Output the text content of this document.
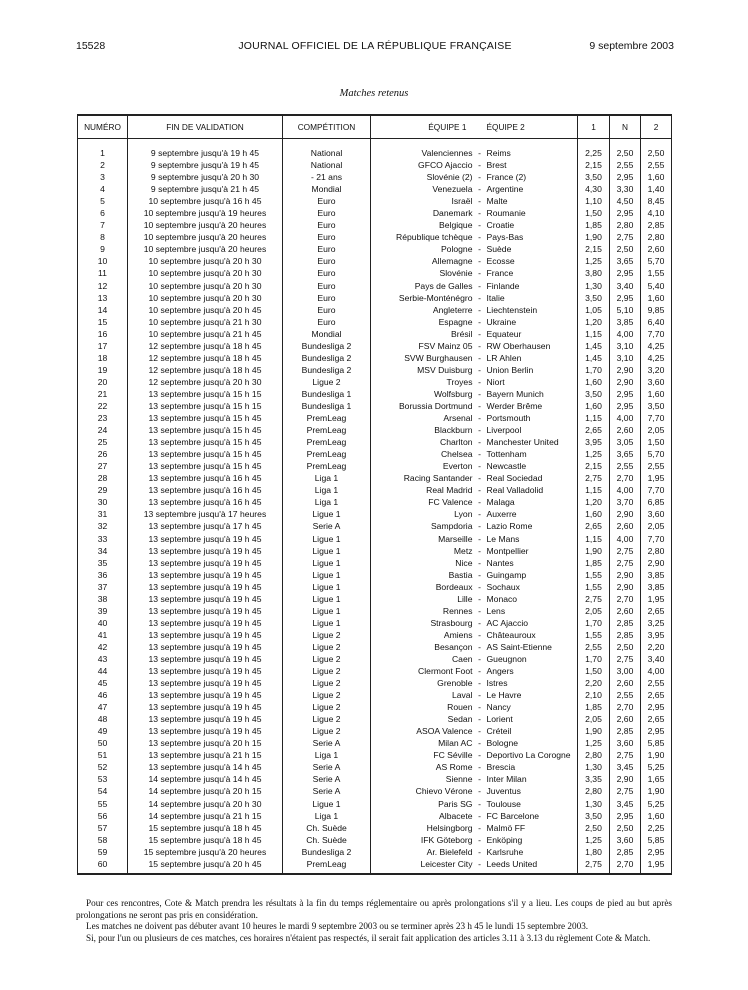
15528	JOURNAL OFFICIEL DE LA RÉPUBLIQUE FRANÇAISE	9 septembre 2003
Matches retenus
NUMÉRO	FIN DE VALIDATION	COMPÉTITION	ÉQUIPE 1		ÉQUIPE 2	1	N	2
1	9 septembre jusqu'à 19 h 45	National	Valenciennes	-	Reims	2,25	2,50	2,50
2	9 septembre jusqu'à 19 h 45	National	GFCO Ajaccio	-	Brest	2,15	2,55	2,55
3	9 septembre jusqu'à 20 h 30	- 21 ans	Slovénie (2)	-	France (2)	3,50	2,95	1,60
4	9 septembre jusqu'à 21 h 45	Mondial	Venezuela	-	Argentine	4,30	3,30	1,40
5	10 septembre jusqu'à 16 h 45	Euro	Israël	-	Malte	1,10	4,50	8,45
6	10 septembre jusqu'à 19 heures	Euro	Danemark	-	Roumanie	1,50	2,95	4,10
7	10 septembre jusqu'à 20 heures	Euro	Belgique	-	Croatie	1,85	2,80	2,85
8	10 septembre jusqu'à 20 heures	Euro	République tchèque	-	Pays-Bas	1,90	2,75	2,80
9	10 septembre jusqu'à 20 heures	Euro	Pologne	-	Suède	2,15	2,50	2,60
10	10 septembre jusqu'à 20 h 30	Euro	Allemagne	-	Ecosse	1,25	3,65	5,70
11	10 septembre jusqu'à 20 h 30	Euro	Slovénie	-	France	3,80	2,95	1,55
12	10 septembre jusqu'à 20 h 30	Euro	Pays de Galles	-	Finlande	1,30	3,40	5,40
13	10 septembre jusqu'à 20 h 30	Euro	Serbie-Monténégro	-	Italie	3,50	2,95	1,60
14	10 septembre jusqu'à 20 h 45	Euro	Angleterre	-	Liechtenstein	1,05	5,10	9,85
15	10 septembre jusqu'à 21 h 30	Euro	Espagne	-	Ukraine	1,20	3,85	6,40
16	10 septembre jusqu'à 21 h 45	Mondial	Brésil	-	Equateur	1,15	4,00	7,70
17	12 septembre jusqu'à 18 h 45	Bundesliga 2	FSV Mainz 05	-	RW Oberhausen	1,45	3,10	4,25
18	12 septembre jusqu'à 18 h 45	Bundesliga 2	SVW Burghausen	-	LR Ahlen	1,45	3,10	4,25
19	12 septembre jusqu'à 18 h 45	Bundesliga 2	MSV Duisburg	-	Union Berlin	1,70	2,90	3,20
20	12 septembre jusqu'à 20 h 30	Ligue 2	Troyes	-	Niort	1,60	2,90	3,60
21	13 septembre jusqu'à 15 h 15	Bundesliga 1	Wolfsburg	-	Bayern Munich	3,50	2,95	1,60
22	13 septembre jusqu'à 15 h 15	Bundesliga 1	Borussia Dortmund	-	Werder Brême	1,60	2,95	3,50
23	13 septembre jusqu'à 15 h 45	PremLeag	Arsenal	-	Portsmouth	1,15	4,00	7,70
24	13 septembre jusqu'à 15 h 45	PremLeag	Blackburn	-	Liverpool	2,65	2,60	2,05
25	13 septembre jusqu'à 15 h 45	PremLeag	Charlton	-	Manchester United	3,95	3,05	1,50
26	13 septembre jusqu'à 15 h 45	PremLeag	Chelsea	-	Tottenham	1,25	3,65	5,70
27	13 septembre jusqu'à 15 h 45	PremLeag	Everton	-	Newcastle	2,15	2,55	2,55
28	13 septembre jusqu'à 16 h 45	Liga 1	Racing Santander	-	Real Sociedad	2,75	2,70	1,95
29	13 septembre jusqu'à 16 h 45	Liga 1	Real Madrid	-	Real Valladolid	1,15	4,00	7,70
30	13 septembre jusqu'à 16 h 45	Liga 1	FC Valence	-	Malaga	1,20	3,70	6,85
31	13 septembre jusqu'à 17 heures	Ligue 1	Lyon	-	Auxerre	1,60	2,90	3,60
32	13 septembre jusqu'à 17 h 45	Serie A	Sampdoria	-	Lazio Rome	2,65	2,60	2,05
33	13 septembre jusqu'à 19 h 45	Ligue 1	Marseille	-	Le Mans	1,15	4,00	7,70
34	13 septembre jusqu'à 19 h 45	Ligue 1	Metz	-	Montpellier	1,90	2,75	2,80
35	13 septembre jusqu'à 19 h 45	Ligue 1	Nice	-	Nantes	1,85	2,75	2,90
36	13 septembre jusqu'à 19 h 45	Ligue 1	Bastia	-	Guingamp	1,55	2,90	3,85
37	13 septembre jusqu'à 19 h 45	Ligue 1	Bordeaux	-	Sochaux	1,55	2,90	3,85
38	13 septembre jusqu'à 19 h 45	Ligue 1	Lille	-	Monaco	2,75	2,70	1,95
39	13 septembre jusqu'à 19 h 45	Ligue 1	Rennes	-	Lens	2,05	2,60	2,65
40	13 septembre jusqu'à 19 h 45	Ligue 1	Strasbourg	-	AC Ajaccio	1,70	2,85	3,25
41	13 septembre jusqu'à 19 h 45	Ligue 2	Amiens	-	Châteauroux	1,55	2,85	3,95
42	13 septembre jusqu'à 19 h 45	Ligue 2	Besançon	-	AS Saint-Etienne	2,55	2,50	2,20
43	13 septembre jusqu'à 19 h 45	Ligue 2	Caen	-	Gueugnon	1,70	2,75	3,40
44	13 septembre jusqu'à 19 h 45	Ligue 2	Clermont Foot	-	Angers	1,50	3,00	4,00
45	13 septembre jusqu'à 19 h 45	Ligue 2	Grenoble	-	Istres	2,20	2,60	2,55
46	13 septembre jusqu'à 19 h 45	Ligue 2	Laval	-	Le Havre	2,10	2,55	2,65
47	13 septembre jusqu'à 19 h 45	Ligue 2	Rouen	-	Nancy	1,85	2,70	2,95
48	13 septembre jusqu'à 19 h 45	Ligue 2	Sedan	-	Lorient	2,05	2,60	2,65
49	13 septembre jusqu'à 19 h 45	Ligue 2	ASOA Valence	-	Créteil	1,90	2,85	2,95
50	13 septembre jusqu'à 20 h 15	Serie A	Milan AC	-	Bologne	1,25	3,60	5,85
51	13 septembre jusqu'à 21 h 15	Liga 1	FC Séville	-	Deportivo La Corogne	2,80	2,75	1,90
52	13 septembre jusqu'à 14 h 45	Serie A	AS Rome	-	Brescia	1,30	3,45	5,25
53	14 septembre jusqu'à 14 h 45	Serie A	Sienne	-	Inter Milan	3,35	2,90	1,65
54	14 septembre jusqu'à 20 h 15	Serie A	Chievo Vérone	-	Juventus	2,80	2,75	1,90
55	14 septembre jusqu'à 20 h 30	Ligue 1	Paris SG	-	Toulouse	1,30	3,45	5,25
56	14 septembre jusqu'à 21 h 15	Liga 1	Albacete	-	FC Barcelone	3,50	2,95	1,60
57	15 septembre jusqu'à 18 h 45	Ch. Suède	Helsingborg	-	Malmö FF	2,50	2,50	2,25
58	15 septembre jusqu'à 18 h 45	Ch. Suède	IFK Göteborg	-	Enköping	1,25	3,60	5,85
59	15 septembre jusqu'à 20 heures	Bundesliga 2	Ar. Bielefeld	-	Karlsruhe	1,80	2,85	2,95
60	15 septembre jusqu'à 20 h 45	PremLeag	Leicester City	-	Leeds United	2,75	2,70	1,95

Pour ces rencontres, Cote & Match prendra les résultats à la fin du temps réglementaire ou après prolongations s'il y a lieu. Les coups de pied au but après prolongations ne seront pas pris en considération.

Les matches ne doivent pas débuter avant 10 heures le mardi 9 septembre 2003 ou se terminer après 23 h 45 le lundi 15 septembre 2003.

Si, pour l'un ou plusieurs de ces matches, ces horaires n'étaient pas respectés, il serait fait application des articles 3.11 à 3.13 du règlement Cote & Match.
